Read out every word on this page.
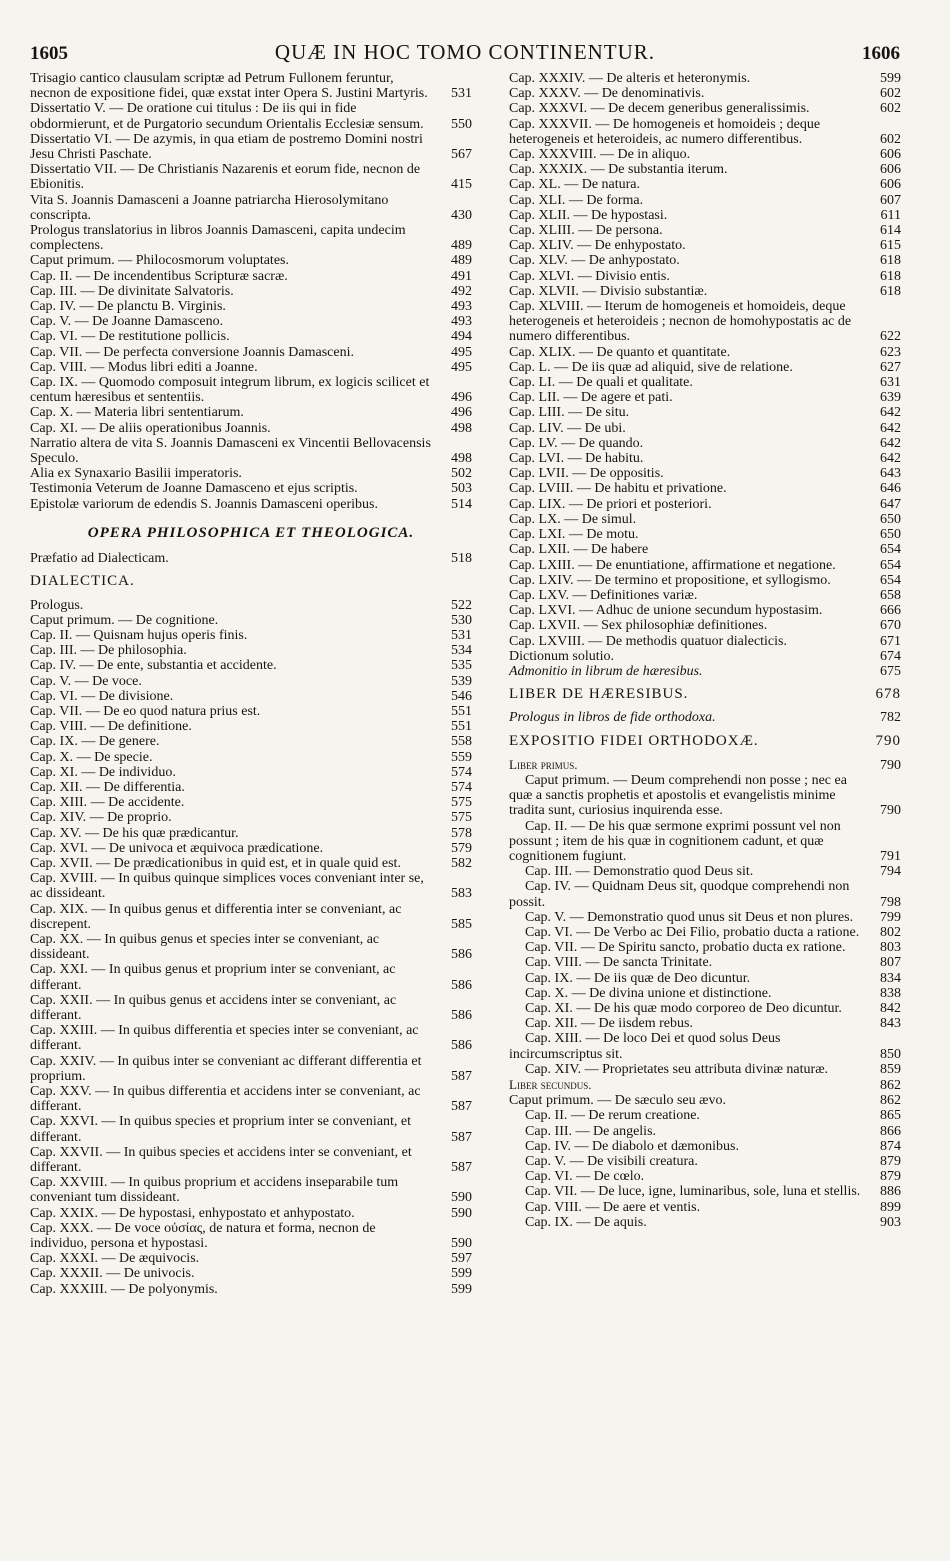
1605	QUÆ IN HOC TOMO CONTINENTUR.	1606
Trisagio cantico clausulam scriptæ ad Petrum Fullonem feruntur, necnon de expositione fidei, quæ exstat inter Opera S. Justini Martyris. 531
Dissertatio V. — De oratione cui titulus : De iis qui in fide obdormierunt, et de Purgatorio secundum Orientalis Ecclesiæ sensum. 550
Dissertatio VI. — De azymis, in qua etiam de postremo Domini nostri Jesu Christi Paschate.	567
Dissertatio VII. — De Christianis Nazarenis et eorum fide, necnon de Ebionitis.	415
Vita S. Joannis Damasceni a Joanne patriarcha Hierosolymitano conscripta.	430
Prologus translatorius in libros Joannis Damasceni, capita undecim complectens.	489
Caput primum. — Philocosmorum voluptates.	489
Cap. II. — De incendentibus Scripturæ sacræ.	491
Cap. III. — De divinitate Salvatoris.	492
Cap. IV. — De planctu B. Virginis.	493
Cap. V. — De Joanne Damasceno.	493
Cap. VI. — De restitutione pollicis.	494
Cap. VII. — De perfecta conversione Joannis Damasceni.	495
Cap. VIII. — Modus libri editi a Joanne.	495
Cap. IX. — Quomodo composuit integrum librum, ex logicis scilicet et centum hæresibus et sententiis.	496
Cap. X. — Materia libri sententiarum.	496
Cap. XI. — De aliis operationibus Joannis.	498
Narratio altera de vita S. Joannis Damasceni ex Vincentii Bellovacensis Speculo.	498
Alia ex Synaxario Basilii imperatoris.	502
Testimonia Veterum de Joanne Damasceno et ejus scriptis.	503
Epistolæ variorum de edendis S. Joannis Damasceni operibus.	514
OPERA PHILOSOPHICA ET THEOLOGICA.
Præfatio ad Dialecticam.	518
DIALECTICA.
Prologus.	522
Caput primum. — De cognitione.	530
Cap. II. — Quisnam hujus operis finis.	531
Cap. III. — De philosophia.	534
Cap. IV. — De ente, substantia et accidente.	535
Cap. V. — De voce.	539
Cap. VI. — De divisione.	546
Cap. VII. — De eo quod natura prius est.	551
Cap. VIII. — De definitione.	551
Cap. IX. — De genere.	558
Cap. X. — De specie.	559
Cap. XI. — De individuo.	574
Cap. XII. — De differentia.	574
Cap. XIII. — De accidente.	575
Cap. XIV. — De proprio.	575
Cap. XV. — De his quæ prædicantur.	578
Cap. XVI. — De univoca et æquivoca prædicatione.	579
Cap. XVII. — De prædicationibus in quid est, et in quale quid est.	582
Cap. XVIII. — In quibus quinque simplices voces conveniant inter se, ac dissideant.	583
Cap. XIX. — In quibus genus et differentia inter se conveniant, ac discrepent.	585
Cap. XX. — In quibus genus et species inter se conveniant, ac dissideant.	586
Cap. XXI. — In quibus genus et proprium inter se conveniant, ac differant.	586
Cap. XXII. — In quibus genus et accidens inter se conveniant, ac differant.	586
Cap. XXIII. — In quibus differentia et species inter se conveniant, ac differant.	586
Cap. XXIV. — In quibus inter se conveniant ac differant differentia et proprium.	587
Cap. XXV. — In quibus differentia et accidens inter se conveniant, ac differant.	587
Cap. XXVI. — In quibus species et proprium inter se conveniant, et differant.	587
Cap. XXVII. — In quibus species et accidens inter se conveniant, et differant.	587
Cap. XXVIII. — In quibus proprium et accidens inseparabile tum conveniant tum dissideant.	590
Cap. XXIX. — De hypostasi, enhypostato et anhypostato.	590
Cap. XXX. — De voce οὐσίας, de natura et forma, necnon de individuo, persona et hypostasi.	590
Cap. XXXI. — De æquivocis.	597
Cap. XXXII. — De univocis.	599
Cap. XXXIII. — De polyonymis.	599
Cap. XXXIV. — De alteris et heteronymis.	599
Cap. XXXV. — De denominativis.	602
Cap. XXXVI. — De decem generibus generalissimis.	602
Cap. XXXVII. — De homogeneis et homoideis ; deque heterogeneis et heteroideis, ac numero differentibus.	602
Cap. XXXVIII. — De in aliquo.	606
Cap. XXXIX. — De substantia iterum.	606
Cap. XL. — De natura.	606
Cap. XLI. — De forma.	607
Cap. XLII. — De hypostasi.	611
Cap. XLIII. — De persona.	614
Cap. XLIV. — De enhypostato.	615
Cap. XLV. — De anhypostato.	618
Cap. XLVI. — Divisio entis.	618
Cap. XLVII. — Divisio substantiæ.	618
Cap. XLVIII. — Iterum de homogeneis et homoideis, deque heterogeneis et heteroideis ; necnon de homohypostatis ac de numero differentibus.	622
Cap. XLIX. — De quanto et quantitate.	623
Cap. L. — De iis quæ ad aliquid, sive de relatione.	627
Cap. LI. — De quali et qualitate.	631
Cap. LII. — De agere et pati.	639
Cap. LIII. — De situ.	642
Cap. LIV. — De ubi.	642
Cap. LV. — De quando.	642
Cap. LVI. — De habitu.	642
Cap. LVII. — De oppositis.	643
Cap. LVIII. — De habitu et privatione.	646
Cap. LIX. — De priori et posteriori.	647
Cap. LX. — De simul.	650
Cap. LXI. — De motu.	650
Cap. LXII. — De habere	654
Cap. LXIII. — De enuntiatione, affirmatione et negatione.	654
Cap. LXIV. — De termino et propositione, et syllogismo.	654
Cap. LXV. — Definitiones variæ.	658
Cap. LXVI. — Adhuc de unione secundum hypostasim.	666
Cap. LXVII. — Sex philosophiæ definitiones.	670
Cap. LXVIII. — De methodis quatuor dialecticis.	671
Dictionum solutio.	674
Admonitio in librum de hæresibus.	675
LIBER DE HÆRESIBUS.	678
Prologus in libros de fide orthodoxa.	782
EXPOSITIO FIDEI ORTHODOXÆ.	790
Liber primus.	790
Caput primum. — Deum comprehendi non posse ; nec ea quæ a sanctis prophetis et apostolis et evangelistis minime tradita sunt, curiosius inquirenda esse.	790
Cap. II. — De his quæ sermone exprimi possunt vel non possunt ; item de his quæ in cognitionem cadunt, et quæ cognitionem fugiunt.	791
Cap. III. — Demonstratio quod Deus sit.	794
Cap. IV. — Quidnam Deus sit, quodque comprehendi non possit.	798
Cap. V. — Demonstratio quod unus sit Deus et non plures.	799
Cap. VI. — De Verbo ac Dei Filio, probatio ducta a ratione.	802
Cap. VII. — De Spiritu sancto, probatio ducta ex ratione.	803
Cap. VIII. — De sancta Trinitate.	807
Cap. IX. — De iis quæ de Deo dicuntur.	834
Cap. X. — De divina unione et distinctione.	838
Cap. XI. — De his quæ modo corporeo de Deo dicuntur.	842
Cap. XII. — De iisdem rebus.	843
Cap. XIII. — De loco Dei et quod solus Deus incircumscriptus sit.	850
Cap. XIV. — Proprietates seu attributa divinæ naturæ.	859
Liber secundus.	862
Caput primum. — De sæculo seu ævo.	862
Cap. II. — De rerum creatione.	865
Cap. III. — De angelis.	866
Cap. IV. — De diabolo et dæmonibus.	874
Cap. V. — De visibili creatura.	879
Cap. VI. — De cœlo.	879
Cap. VII. — De luce, igne, luminaribus, sole, luna et stellis.	886
Cap. VIII. — De aere et ventis.	899
Cap. IX. — De aquis.	903
